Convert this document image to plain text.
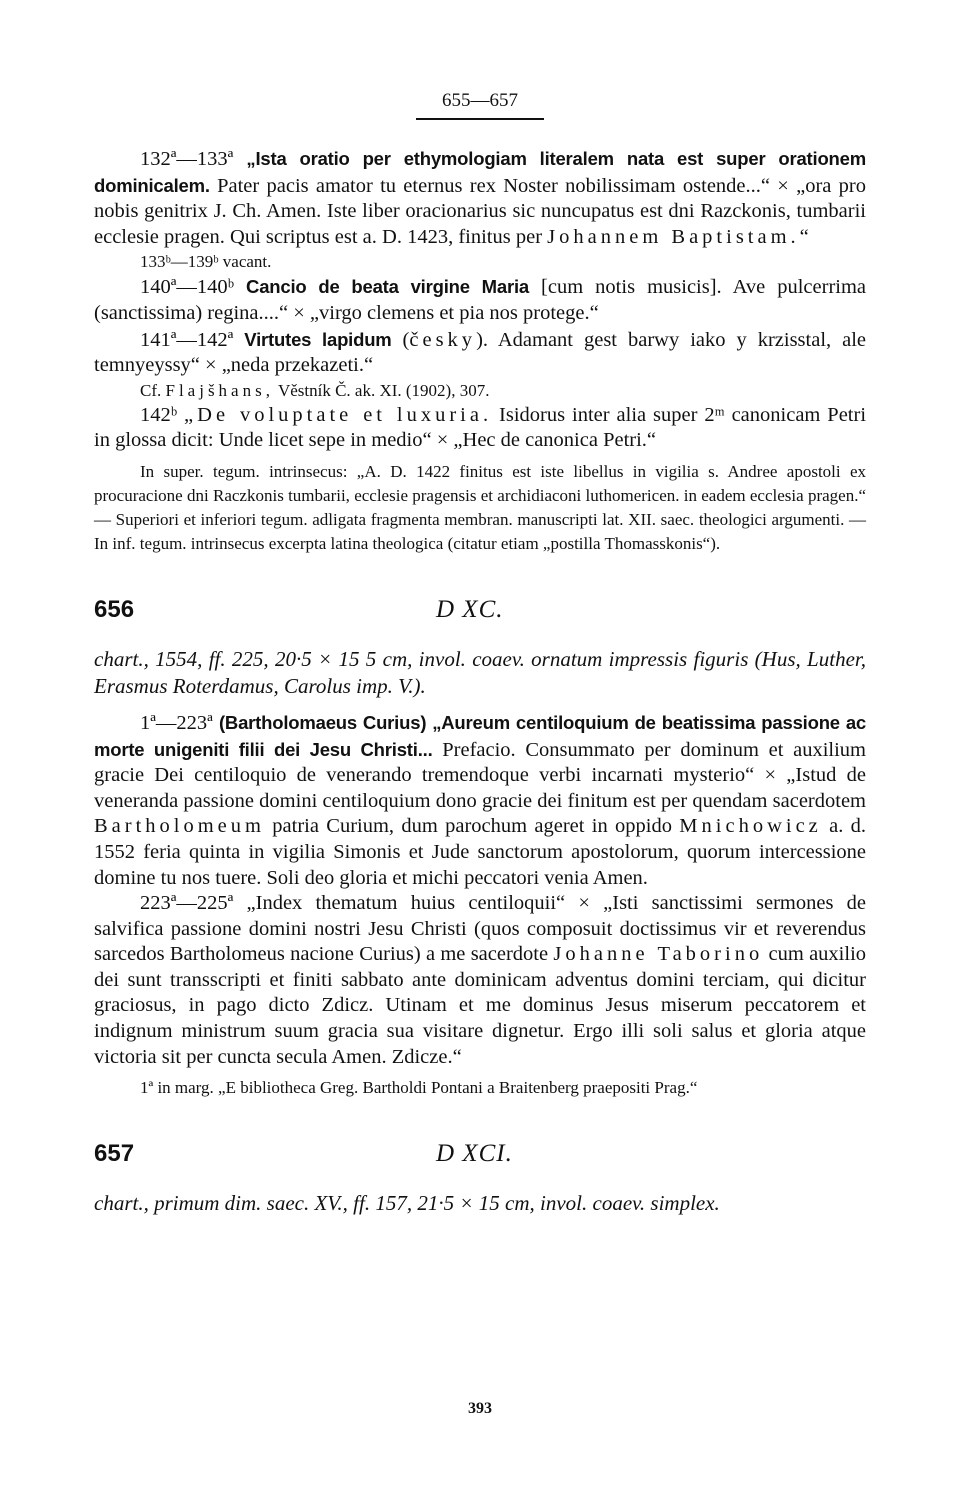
655—657

132ª—133ª „Ista oratio per ethymologiam literalem nata est super orationem dominicalem. Pater pacis amator tu eternus rex Noster nobilissimam ostende...“ × „ora pro nobis genitrix J. Ch. Amen. Iste liber oracionarius sic nuncupatus est dni Razckonis, tumbarii ecclesie pragen. Qui scriptus est a. D. 1423, finitus per Johannem Baptistam.“

133ᵇ—139ᵇ vacant.

140ª—140ᵇ Cancio de beata virgine Maria [cum notis musicis]. Ave pulcerrima (sanctissima) regina....“ × „virgo clemens et pia nos protege.“

141ª—142ª Virtutes lapidum (česky). Adamant gest barwy iako y krzisstal, ale temnyeyssy“ × „neda przekazeti.“

Cf. Flajšhans, Věstník Č. ak. XI. (1902), 307.

142ᵇ „De voluptate et luxuria. Isidorus inter alia super 2ᵐ canonicam Petri in glossa dicit: Unde licet sepe in medio“ × „Hec de canonica Petri.“

In super. tegum. intrinsecus: „A. D. 1422 finitus est iste libellus in vigilia s. Andree apostoli ex procuracione dni Raczkonis tumbarii, ecclesie pragensis et archidiaconi luthomericen. in eadem ecclesia pragen.“ — Superiori et inferiori tegum. adligata fragmenta membran. manuscripti lat. XII. saec. theologici argumenti. — In inf. tegum. intrinsecus excerpta latina theologica (citatur etiam „postilla Thomasskonis“).

656	D XC.

chart., 1554, ff. 225, 20·5 × 15 5 cm, invol. coaev. ornatum impressis figuris (Hus, Luther, Erasmus Roterdamus, Carolus imp. V.).

1ª—223ª (Bartholomaeus Curius) „Aureum centiloquium de beatissima passione ac morte unigeniti filii dei Jesu Christi... Prefacio. Consummato per dominum et auxilium gracie Dei centiloquio de venerando tremendoque verbi incarnati mysterio“ × „Istud de veneranda passione domini centiloquium dono gracie dei finitum est per quendam sacerdotem Bartholomeum patria Curium, dum parochum ageret in oppido Mnichowicz a. d. 1552 feria quinta in vigilia Simonis et Jude sanctorum apostolorum, quorum intercessione domine tu nos tuere. Soli deo gloria et michi peccatori venia Amen.

223ª—225ª „Index thematum huius centiloquii“ × „Isti sanctissimi sermones de salvifica passione domini nostri Jesu Christi (quos composuit doctissimus vir et reverendus sarcedos Bartholomeus nacione Curius) a me sacerdote Johanne Taborino cum auxilio dei sunt transscripti et finiti sabbato ante dominicam adventus domini terciam, qui dicitur graciosus, in pago dicto Zdicz. Utinam et me dominus Jesus miserum peccatorem et indignum ministrum suum gracia sua visitare dignetur. Ergo illi soli salus et gloria atque victoria sit per cuncta secula Amen. Zdicze.“

1ª in marg. „E bibliotheca Greg. Bartholdi Pontani a Braitenberg praepositi Prag.“

657	D XCI.

chart., primum dim. saec. XV., ff. 157, 21·5 × 15 cm, invol. coaev. simplex.

393
